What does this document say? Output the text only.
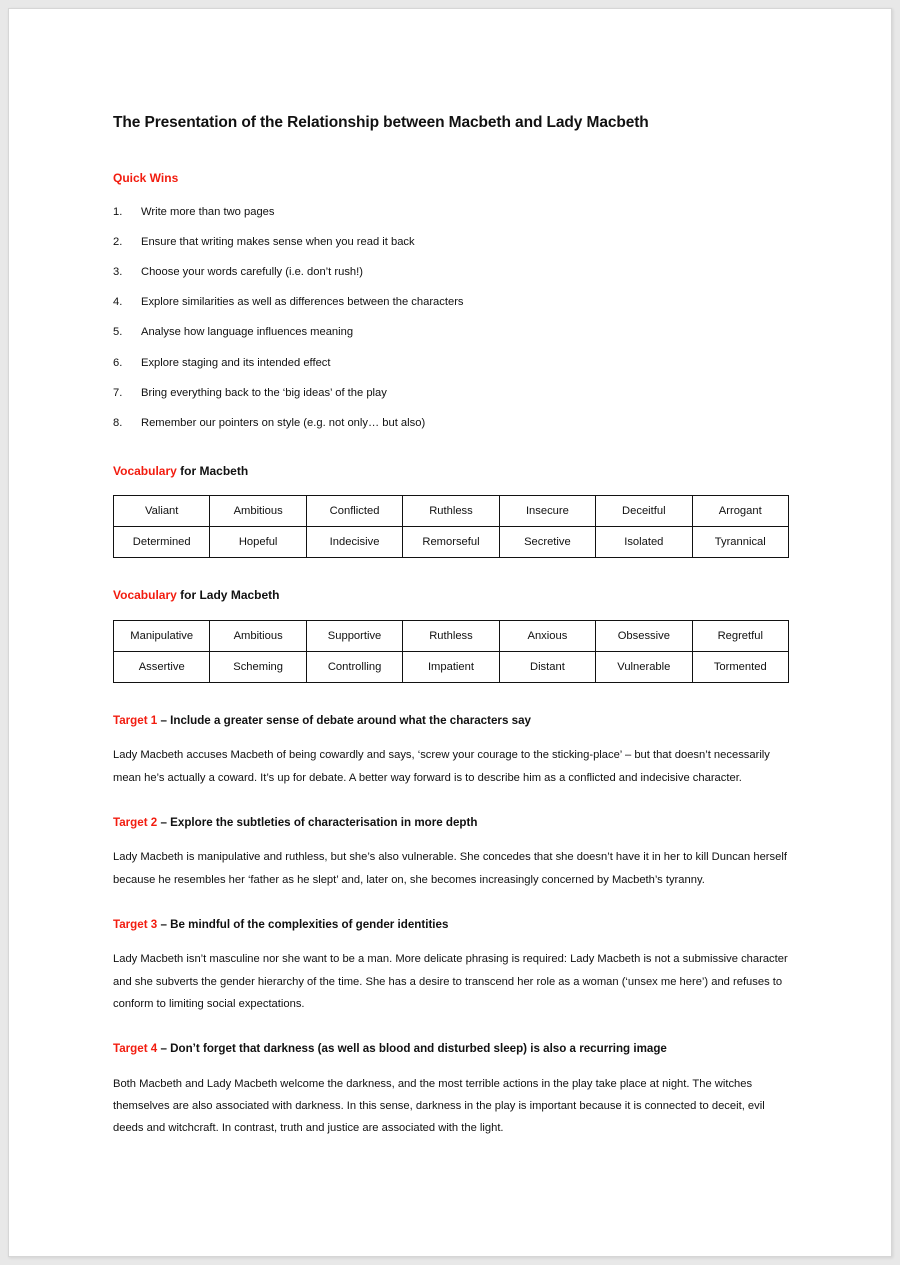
The Presentation of the Relationship between Macbeth and Lady Macbeth
Quick Wins
Write more than two pages
Ensure that writing makes sense when you read it back
Choose your words carefully (i.e. don’t rush!)
Explore similarities as well as differences between the characters
Analyse how language influences meaning
Explore staging and its intended effect
Bring everything back to the ‘big ideas’ of the play
Remember our pointers on style (e.g. not only… but also)
Vocabulary for Macbeth
Valiant	Ambitious	Conflicted	Ruthless	Insecure	Deceitful	Arrogant
Determined	Hopeful	Indecisive	Remorseful	Secretive	Isolated	Tyrannical
Vocabulary for Lady Macbeth
Manipulative	Ambitious	Supportive	Ruthless	Anxious	Obsessive	Regretful
Assertive	Scheming	Controlling	Impatient	Distant	Vulnerable	Tormented
Target 1 – Include a greater sense of debate around what the characters say

Lady Macbeth accuses Macbeth of being cowardly and says, ‘screw your courage to the sticking-place’ – but that doesn’t necessarily mean he’s actually a coward. It’s up for debate. A better way forward is to describe him as a conflicted and indecisive character.

Target 2 – Explore the subtleties of characterisation in more depth

Lady Macbeth is manipulative and ruthless, but she’s also vulnerable. She concedes that she doesn’t have it in her to kill Duncan herself because he resembles her ‘father as he slept’ and, later on, she becomes increasingly concerned by Macbeth’s tyranny.

Target 3 – Be mindful of the complexities of gender identities

Lady Macbeth isn’t masculine nor she want to be a man. More delicate phrasing is required: Lady Macbeth is not a submissive character and she subverts the gender hierarchy of the time. She has a desire to transcend her role as a woman (‘unsex me here’) and refuses to conform to limiting social expectations.

Target 4 – Don’t forget that darkness (as well as blood and disturbed sleep) is also a recurring image

Both Macbeth and Lady Macbeth welcome the darkness, and the most terrible actions in the play take place at night. The witches themselves are also associated with darkness. In this sense, darkness in the play is important because it is connected to deceit, evil deeds and witchcraft. In contrast, truth and justice are associated with the light.
